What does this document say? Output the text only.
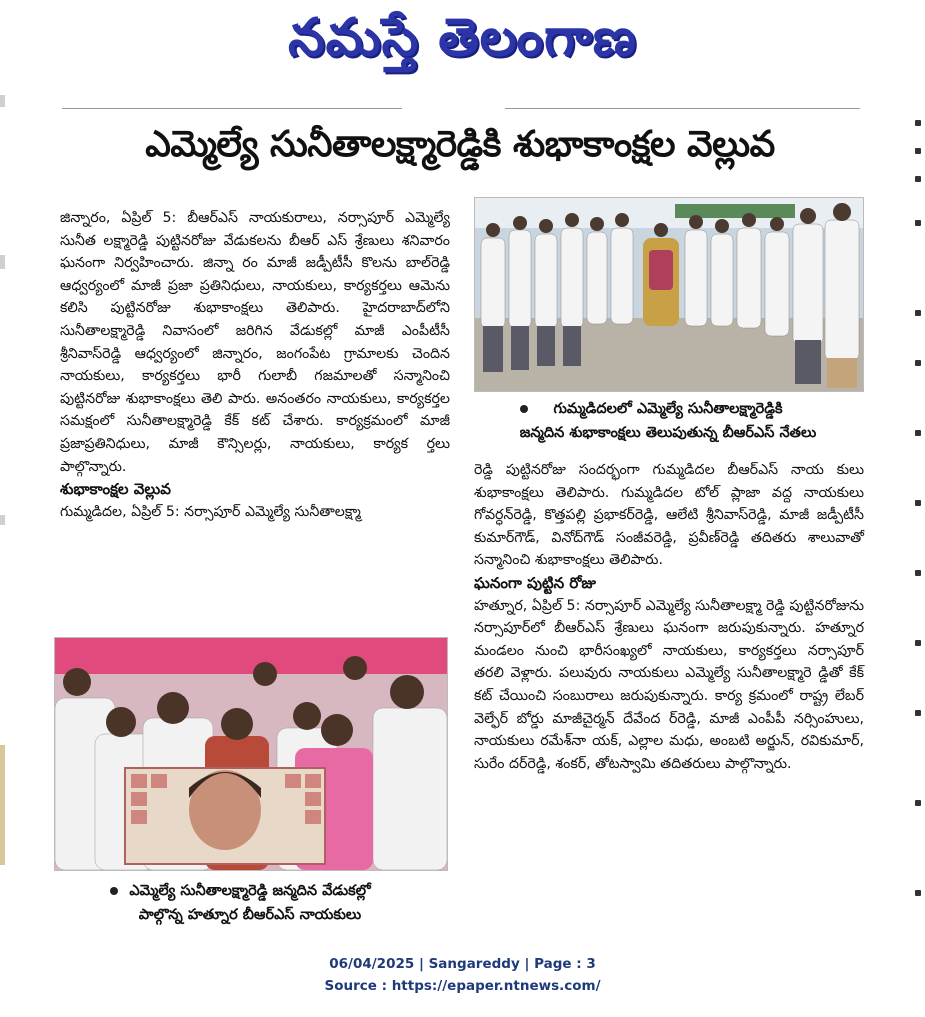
నమస్తే తెలంగాణ
ఎమ్మెల్యే సునీతాలక్ష్మారెడ్డికి శుభాకాంక్షల వెల్లువ

జిన్నారం, ఏప్రిల్ 5: బీఆర్ఎస్ నాయకురాలు, నర్సాపూర్ ఎమ్మెల్యే సునీత లక్ష్మారెడ్డి పుట్టినరోజు వేడుకలను బీఆర్ ఎస్ శ్రేణులు శనివారం ఘనంగా నిర్వహించారు. జిన్నా రం మాజీ జడ్పీటీసీ కొలను బాల్‌రెడ్డి ఆధ్వర్యంలో మాజీ ప్రజా ప్రతినిధులు, నాయకులు, కార్యకర్తలు ఆమెను కలిసి పుట్టినరోజు శుభాకాంక్షలు తెలిపారు. హైదరాబాద్‌లోని సునీతాలక్ష్మారెడ్డి నివాసంలో జరిగిన వేడుకల్లో మాజీ ఎంపీటీసీ శ్రీనివాస్‌రెడ్డి ఆధ్వర్యంలో జిన్నారం, జంగంపేట గ్రామాలకు చెందిన నాయకులు, కార్యకర్తలు భారీ గులాబీ గజమాలతో సన్మానించి పుట్టినరోజు శుభాకాంక్షలు తెలి పారు. అనంతరం నాయకులు, కార్యకర్తల సమక్షంలో సునీతాలక్ష్మారెడ్డి కేక్ కట్ చేశారు. కార్యక్రమంలో మాజీ ప్రజాప్రతినిధులు, మాజీ కౌన్సిలర్లు, నాయకులు, కార్యక ర్తలు పాల్గొన్నారు.

శుభాకాంక్షల వెల్లువ

గుమ్మడిదల, ఏప్రిల్ 5: నర్సాపూర్ ఎమ్మెల్యే సునీతాలక్ష్మా

గుమ్మడిదలలో ఎమ్మెల్యే సునీతాలక్ష్మారెడ్డికి
జన్మదిన శుభాకాంక్షలు తెలుపుతున్న బీఆర్ఎస్ నేతలు

రెడ్డి పుట్టినరోజు సందర్భంగా గుమ్మడిదల బీఆర్ఎస్ నాయ కులు శుభాకాంక్షలు తెలిపారు. గుమ్మడిదల టోల్ ప్లాజా వద్ద నాయకులు గోవర్ధన్‌రెడ్డి, కొత్తపల్లి ప్రభాకర్‌రెడ్డి, ఆలేటి శ్రీనివాస్‌రెడ్డి, మాజీ జడ్పీటీసీ కుమార్‌గౌడ్, వినోద్‌గౌడ్ సంజీవరెడ్డి, ప్రవీణ్‌రెడ్డి తదితరు శాలువాతో సన్మానించి శుభాకాంక్షలు తెలిపారు.

ఘనంగా పుట్టిన రోజు

హత్నూర, ఏప్రిల్ 5: నర్సాపూర్ ఎమ్మెల్యే సునీతాలక్ష్మా రెడ్డి పుట్టినరోజును నర్సాపూర్‌లో బీఆర్ఎస్ శ్రేణులు ఘనంగా జరుపుకున్నారు. హత్నూర మండలం నుంచి భారీసంఖ్యలో నాయకులు, కార్యకర్తలు నర్సాపూర్ తరలి వెళ్లారు. పలువురు నాయకులు ఎమ్మెల్యే సునీతాలక్ష్మారె డ్డితో కేక్ కట్ చేయించి సంబురాలు జరుపుకున్నారు. కార్య క్రమంలో రాష్ట్ర లేబర్ వెల్ఫేర్ బోర్డు మాజీచైర్మన్ దేవేంద ర్‌రెడ్డి, మాజీ ఎంపీపీ నర్సింహులు, నాయకులు రమేశ్‌నా యక్, ఎల్లాల మధు, అంబటి అర్జున్, రవికుమార్, సురేం దర్‌రెడ్డి, శంకర్, తోటస్వామి తదితరులు పాల్గొన్నారు.

ఎమ్మెల్యే సునీతాలక్ష్మారెడ్డి జన్మదిన వేడుకల్లో
పాల్గొన్న హత్నూర బీఆర్ఎస్ నాయకులు
06/04/2025 | Sangareddy | Page : 3
Source : https://epaper.ntnews.com/
